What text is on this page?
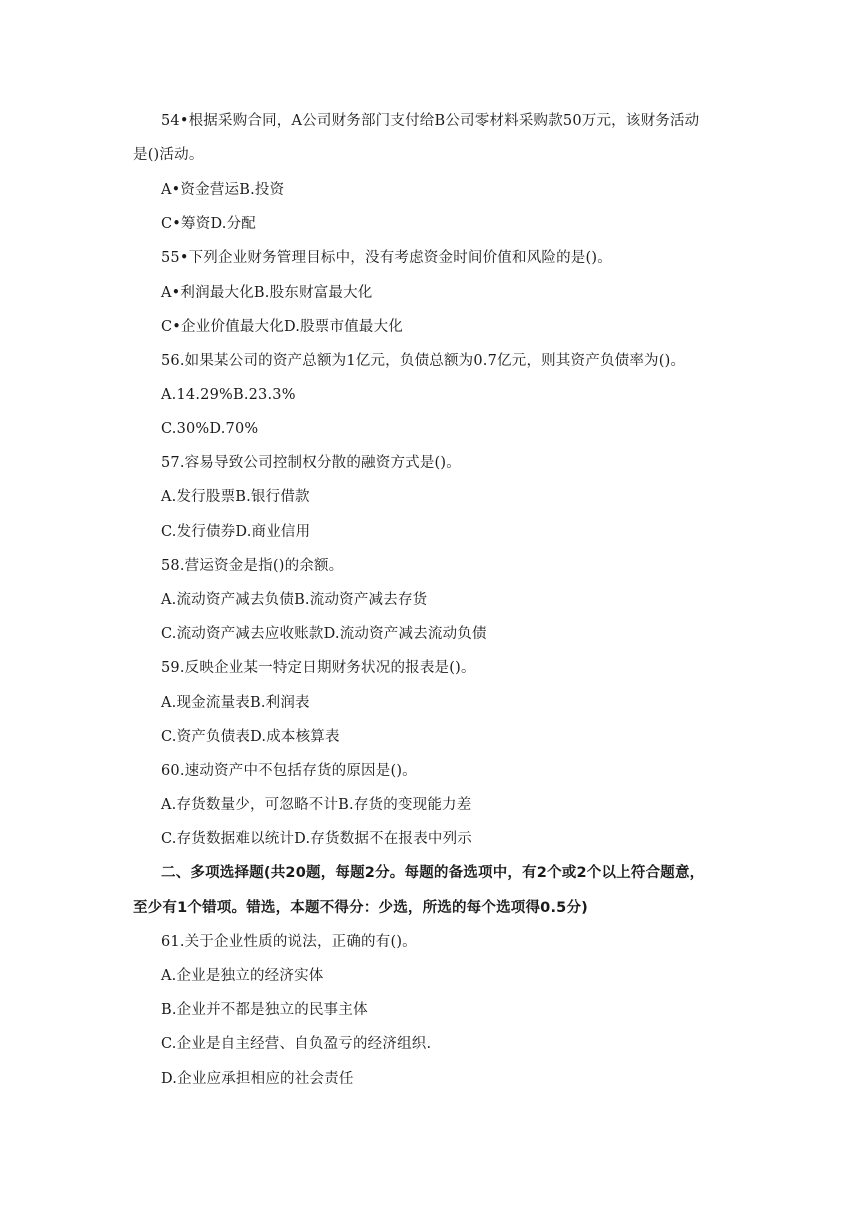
54•根据采购合同，A公司财务部门支付给B公司零材料采购款50万元，该财务活动
是()活动。
A•资金营运B.投资
C•筹资D.分配
55•下列企业财务管理目标中，没有考虑资金时间价值和风险的是()。
A•利润最大化B.股东财富最大化
C•企业价值最大化D.股票市值最大化
56.如果某公司的资产总额为1亿元，负债总额为0.7亿元，则其资产负债率为()。
A.14.29%B.23.3%
C.30%D.70%
57.容易导致公司控制权分散的融资方式是()。
A.发行股票B.银行借款
C.发行债券D.商业信用
58.营运资金是指()的余额。
A.流动资产减去负债B.流动资产减去存货
C.流动资产减去应收账款D.流动资产减去流动负债
59.反映企业某一特定日期财务状况的报表是()。
A.现金流量表B.利润表
C.资产负债表D.成本核算表
60.速动资产中不包括存货的原因是()。
A.存货数量少，可忽略不计B.存货的变现能力差
C.存货数据难以统计D.存货数据不在报表中列示
二、多项选择题(共20题，每题2分。每题的备选项中，有2个或2个以上符合题意，
至少有1个错项。错选，本题不得分：少选，所选的每个选项得0.5分)
61.关于企业性质的说法，正确的有()。
A.企业是独立的经济实体
B.企业并不都是独立的民事主体
C.企业是自主经营、自负盈亏的经济组织.
D.企业应承担相应的社会责任
